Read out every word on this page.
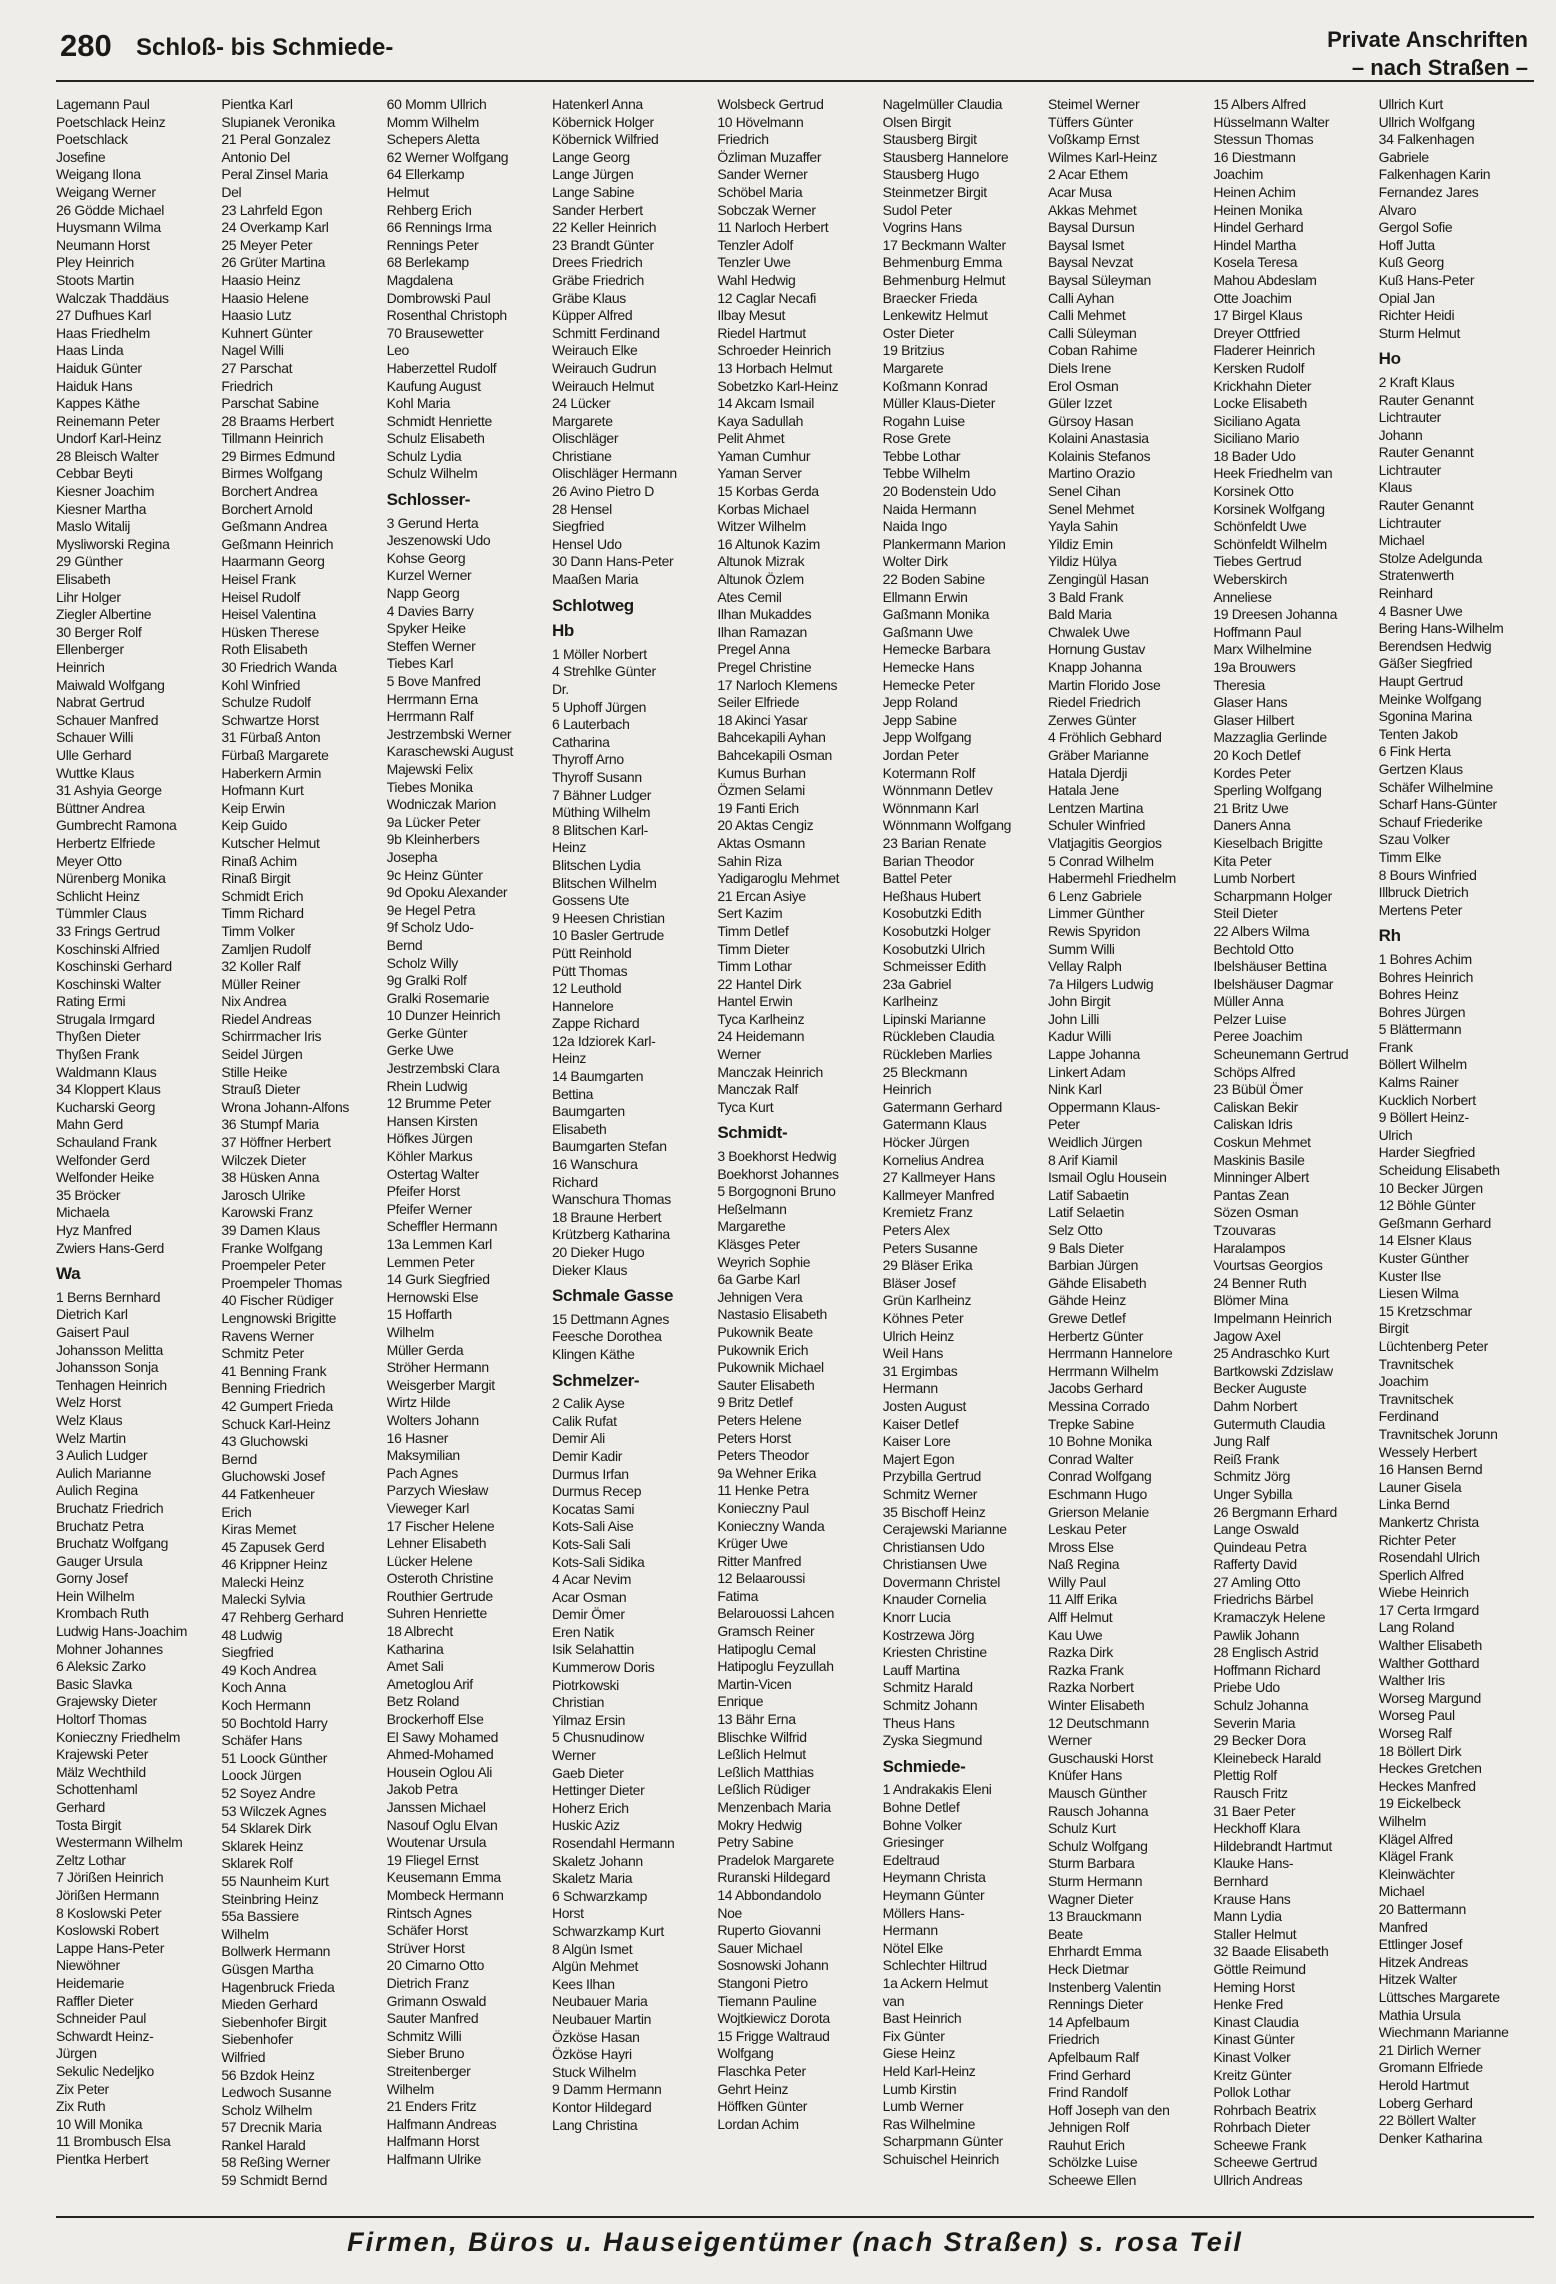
280 Schloß- bis Schmiede-	Private Anschriften
– nach Straßen –
Lagemann Paul
Poetschlack Heinz
Poetschlack
Josefine
Weigang Ilona
Weigang Werner
26 Gödde Michael
Huysmann Wilma
Neumann Horst
Pley Heinrich
Stoots Martin
Walczak Thaddäus
27 Dufhues Karl
Haas Friedhelm
Haas Linda
Haiduk Günter
Haiduk Hans
Kappes Käthe
Reinemann Peter
Undorf Karl-Heinz
28 Bleisch Walter
Cebbar Beyti
Kiesner Joachim
Kiesner Martha
Maslo Witalij
Mysliworski Regina
29 Günther
Elisabeth
Lihr Holger
Ziegler Albertine
30 Berger Rolf
Ellenberger
Heinrich
Maiwald Wolfgang
Nabrat Gertrud
Schauer Manfred
Schauer Willi
Ulle Gerhard
Wuttke Klaus
31 Ashyia George
Büttner Andrea
Gumbrecht Ramona
Herbertz Elfriede
Meyer Otto
Nürenberg Monika
Schlicht Heinz
Tümmler Claus
33 Frings Gertrud
Koschinski Alfried
Koschinski Gerhard
Koschinski Walter
Rating Ermi
Strugala Irmgard
Thyßen Dieter
Thyßen Frank
Waldmann Klaus
34 Kloppert Klaus
Kucharski Georg
Mahn Gerd
Schauland Frank
Welfonder Gerd
Welfonder Heike
35 Bröcker
Michaela
Hyz Manfred
Zwiers Hans-Gerd
Wa
1 Berns Bernhard
Dietrich Karl
Gaisert Paul
Johansson Melitta
Johansson Sonja
Tenhagen Heinrich
Welz Horst
Welz Klaus
Welz Martin
3 Aulich Ludger
Aulich Marianne
Aulich Regina
Bruchatz Friedrich
Bruchatz Petra
Bruchatz Wolfgang
Gauger Ursula
Gorny Josef
Hein Wilhelm
Krombach Ruth
Ludwig Hans-Joachim
Mohner Johannes
6 Aleksic Zarko
Basic Slavka
Grajewsky Dieter
Holtorf Thomas
Konieczny Friedhelm
Krajewski Peter
Mälz Wechthild
Schottenhaml
Gerhard
Tosta Birgit
Westermann Wilhelm
Zeltz Lothar
7 Jörißen Heinrich
Jörißen Hermann
8 Koslowski Peter
Koslowski Robert
Lappe Hans-Peter
Niewöhner
Heidemarie
Raffler Dieter
Schneider Paul
Schwardt Heinz-
Jürgen
Sekulic Nedeljko
Zix Peter
Zix Ruth
10 Will Monika
11 Brombusch Elsa
Pientka Herbert
Pientka Karl
Slupianek Veronika
21 Peral Gonzalez
Antonio Del
Peral Zinsel Maria
Del
23 Lahrfeld Egon
24 Overkamp Karl
25 Meyer Peter
26 Grüter Martina
Haasio Heinz
Haasio Helene
Haasio Lutz
Kuhnert Günter
Nagel Willi
27 Parschat
Friedrich
Parschat Sabine
28 Braams Herbert
Tillmann Heinrich
29 Birmes Edmund
Birmes Wolfgang
Borchert Andrea
Borchert Arnold
Geßmann Andrea
Geßmann Heinrich
Haarmann Georg
Heisel Frank
Heisel Rudolf
Heisel Valentina
Hüsken Therese
Roth Elisabeth
30 Friedrich Wanda
Kohl Winfried
Schulze Rudolf
Schwartze Horst
31 Fürbaß Anton
Fürbaß Margarete
Haberkern Armin
Hofmann Kurt
Keip Erwin
Keip Guido
Kutscher Helmut
Rinaß Achim
Rinaß Birgit
Schmidt Erich
Timm Richard
Timm Volker
Zamljen Rudolf
32 Koller Ralf
Müller Reiner
Nix Andrea
Riedel Andreas
Schirrmacher Iris
Seidel Jürgen
Stille Heike
Strauß Dieter
Wrona Johann-Alfons
36 Stumpf Maria
37 Höffner Herbert
Wilczek Dieter
38 Hüsken Anna
Jarosch Ulrike
Karowski Franz
39 Damen Klaus
Franke Wolfgang
Proempeler Peter
Proempeler Thomas
40 Fischer Rüdiger
Lengnowski Brigitte
Ravens Werner
Schmitz Peter
41 Benning Frank
Benning Friedrich
42 Gumpert Frieda
Schuck Karl-Heinz
43 Gluchowski
Bernd
Gluchowski Josef
44 Fatkenheuer
Erich
Kiras Memet
45 Zapusek Gerd
46 Krippner Heinz
Malecki Heinz
Malecki Sylvia
47 Rehberg Gerhard
48 Ludwig
Siegfried
49 Koch Andrea
Koch Anna
Koch Hermann
50 Bochtold Harry
Schäfer Hans
51 Loock Günther
Loock Jürgen
52 Soyez Andre
53 Wilczek Agnes
54 Sklarek Dirk
Sklarek Heinz
Sklarek Rolf
55 Naunheim Kurt
Steinbring Heinz
55a Bassiere
Wilhelm
Bollwerk Hermann
Güsgen Martha
Hagenbruck Frieda
Mieden Gerhard
Siebenhofer Birgit
Siebenhofer
Wilfried
56 Bzdok Heinz
Ledwoch Susanne
Scholz Wilhelm
57 Drecnik Maria
Rankel Harald
58 Reßing Werner
59 Schmidt Bernd
60 Momm Ullrich
Momm Wilhelm
Schepers Aletta
62 Werner Wolfgang
64 Ellerkamp
Helmut
Rehberg Erich
66 Rennings Irma
Rennings Peter
68 Berlekamp
Magdalena
Dombrowski Paul
Rosenthal Christoph
70 Brausewetter
Leo
Haberzettel Rudolf
Kaufung August
Kohl Maria
Schmidt Henriette
Schulz Elisabeth
Schulz Lydia
Schulz Wilhelm
Schlosser-
3 Gerund Herta
Jeszenowski Udo
Kohse Georg
Kurzel Werner
Napp Georg
4 Davies Barry
Spyker Heike
Steffen Werner
Tiebes Karl
5 Bove Manfred
Herrmann Erna
Herrmann Ralf
Jestrzembski Werner
Karaschewski August
Majewski Felix
Tiebes Monika
Wodniczak Marion
9a Lücker Peter
9b Kleinherbers
Josepha
9c Heinz Günter
9d Opoku Alexander
9e Hegel Petra
9f Scholz Udo-
Bernd
Scholz Willy
9g Gralki Rolf
Gralki Rosemarie
10 Dunzer Heinrich
Gerke Günter
Gerke Uwe
Jestrzembski Clara
Rhein Ludwig
12 Brumme Peter
Hansen Kirsten
Höfkes Jürgen
Köhler Markus
Ostertag Walter
Pfeifer Horst
Pfeifer Werner
Scheffler Hermann
13a Lemmen Karl
Lemmen Peter
14 Gurk Siegfried
Hernowski Else
15 Hoffarth
Wilhelm
Müller Gerda
Ströher Hermann
Weisgerber Margit
Wirtz Hilde
Wolters Johann
16 Hasner
Maksymilian
Pach Agnes
Parzych Wiesław
Vieweger Karl
17 Fischer Helene
Lehner Elisabeth
Lücker Helene
Osteroth Christine
Routhier Gertrude
Suhren Henriette
18 Albrecht
Katharina
Amet Sali
Ametoglou Arif
Betz Roland
Brockerhoff Else
El Sawy Mohamed
Ahmed-Mohamed
Housein Oglou Ali
Jakob Petra
Janssen Michael
Nasouf Oglu Elvan
Woutenar Ursula
19 Fliegel Ernst
Keusemann Emma
Mombeck Hermann
Rintsch Agnes
Schäfer Horst
Strüver Horst
20 Cimarno Otto
Dietrich Franz
Grimann Oswald
Sauter Manfred
Schmitz Willi
Sieber Bruno
Streitenberger
Wilhelm
21 Enders Fritz
Halfmann Andreas
Halfmann Horst
Halfmann Ulrike
Hatenkerl Anna
Köbernick Holger
Köbernick Wilfried
Lange Georg
Lange Jürgen
Lange Sabine
Sander Herbert
22 Keller Heinrich
23 Brandt Günter
Drees Friedrich
Gräbe Friedrich
Gräbe Klaus
Küpper Alfred
Schmitt Ferdinand
Weirauch Elke
Weirauch Gudrun
Weirauch Helmut
24 Lücker
Margarete
Olischläger
Christiane
Olischläger Hermann
26 Avino Pietro D
28 Hensel
Siegfried
Hensel Udo
30 Dann Hans-Peter
Maaßen Maria
Schlotweg
Hb
1 Möller Norbert
4 Strehlke Günter
Dr.
5 Uphoff Jürgen
6 Lauterbach
Catharina
Thyroff Arno
Thyroff Susann
7 Bähner Ludger
Müthing Wilhelm
8 Blitschen Karl-
Heinz
Blitschen Lydia
Blitschen Wilhelm
Gossens Ute
9 Heesen Christian
10 Basler Gertrude
Pütt Reinhold
Pütt Thomas
12 Leuthold
Hannelore
Zappe Richard
12a Idziorek Karl-
Heinz
14 Baumgarten
Bettina
Baumgarten
Elisabeth
Baumgarten Stefan
16 Wanschura
Richard
Wanschura Thomas
18 Braune Herbert
Krützberg Katharina
20 Dieker Hugo
Dieker Klaus
Schmale Gasse
15 Dettmann Agnes
Feesche Dorothea
Klingen Käthe
Schmelzer-
2 Calik Ayse
Calik Rufat
Demir Ali
Demir Kadir
Durmus Irfan
Durmus Recep
Kocatas Sami
Kots-Sali Aise
Kots-Sali Sali
Kots-Sali Sidika
4 Acar Nevim
Acar Osman
Demir Ömer
Eren Natik
Isik Selahattin
Kummerow Doris
Piotrkowski
Christian
Yilmaz Ersin
5 Chusnudinow
Werner
Gaeb Dieter
Hettinger Dieter
Hoherz Erich
Huskic Aziz
Rosendahl Hermann
Skaletz Johann
Skaletz Maria
6 Schwarzkamp
Horst
Schwarzkamp Kurt
8 Algün Ismet
Algün Mehmet
Kees Ilhan
Neubauer Maria
Neubauer Martin
Özköse Hasan
Özköse Hayri
Stuck Wilhelm
9 Damm Hermann
Kontor Hildegard
Lang Christina
Wolsbeck Gertrud
10 Hövelmann
Friedrich
Özliman Muzaffer
Sander Werner
Schöbel Maria
Sobczak Werner
11 Narloch Herbert
Tenzler Adolf
Tenzler Uwe
Wahl Hedwig
12 Caglar Necafi
Ilbay Mesut
Riedel Hartmut
Schroeder Heinrich
13 Horbach Helmut
Sobetzko Karl-Heinz
14 Akcam Ismail
Kaya Sadullah
Pelit Ahmet
Yaman Cumhur
Yaman Server
15 Korbas Gerda
Korbas Michael
Witzer Wilhelm
16 Altunok Kazim
Altunok Mizrak
Altunok Özlem
Ates Cemil
Ilhan Mukaddes
Ilhan Ramazan
Pregel Anna
Pregel Christine
17 Narloch Klemens
Seiler Elfriede
18 Akinci Yasar
Bahcekapili Ayhan
Bahcekapili Osman
Kumus Burhan
Özmen Selami
19 Fanti Erich
20 Aktas Cengiz
Aktas Osmann
Sahin Riza
Yadigaroglu Mehmet
21 Ercan Asiye
Sert Kazim
Timm Detlef
Timm Dieter
Timm Lothar
22 Hantel Dirk
Hantel Erwin
Tyca Karlheinz
24 Heidemann
Werner
Manczak Heinrich
Manczak Ralf
Tyca Kurt
Schmidt-
3 Boekhorst Hedwig
Boekhorst Johannes
5 Borgognoni Bruno
Heßelmann
Margarethe
Kläsges Peter
Weyrich Sophie
6a Garbe Karl
Jehnigen Vera
Nastasio Elisabeth
Pukownik Beate
Pukownik Erich
Pukownik Michael
Sauter Elisabeth
9 Britz Detlef
Peters Helene
Peters Horst
Peters Theodor
9a Wehner Erika
11 Henke Petra
Konieczny Paul
Konieczny Wanda
Krüger Uwe
Ritter Manfred
12 Belaaroussi
Fatima
Belarouossi Lahcen
Gramsch Reiner
Hatipoglu Cemal
Hatipoglu Feyzullah
Martin-Vicen
Enrique
13 Bähr Erna
Blischke Wilfrid
Leßlich Helmut
Leßlich Matthias
Leßlich Rüdiger
Menzenbach Maria
Mokry Hedwig
Petry Sabine
Pradelok Margarete
Ruranski Hildegard
14 Abbondandolo
Noe
Ruperto Giovanni
Sauer Michael
Sosnowski Johann
Stangoni Pietro
Tiemann Pauline
Wojtkiewicz Dorota
15 Frigge Waltraud
Wolfgang
Flaschka Peter
Gehrt Heinz
Höffken Günter
Lordan Achim
Nagelmüller Claudia
Olsen Birgit
Stausberg Birgit
Stausberg Hannelore
Stausberg Hugo
Steinmetzer Birgit
Sudol Peter
Vogrins Hans
17 Beckmann Walter
Behmenburg Emma
Behmenburg Helmut
Braecker Frieda
Lenkewitz Helmut
Oster Dieter
19 Britzius
Margarete
Koßmann Konrad
Müller Klaus-Dieter
Rogahn Luise
Rose Grete
Tebbe Lothar
Tebbe Wilhelm
20 Bodenstein Udo
Naida Hermann
Naida Ingo
Plankermann Marion
Wolter Dirk
22 Boden Sabine
Ellmann Erwin
Gaßmann Monika
Gaßmann Uwe
Hemecke Barbara
Hemecke Hans
Hemecke Peter
Jepp Roland
Jepp Sabine
Jepp Wolfgang
Jordan Peter
Kotermann Rolf
Wönnmann Detlev
Wönnmann Karl
Wönnmann Wolfgang
23 Barian Renate
Barian Theodor
Battel Peter
Heßhaus Hubert
Kosobutzki Edith
Kosobutzki Holger
Kosobutzki Ulrich
Schmeisser Edith
23a Gabriel
Karlheinz
Lipinski Marianne
Rückleben Claudia
Rückleben Marlies
25 Bleckmann
Heinrich
Gatermann Gerhard
Gatermann Klaus
Höcker Jürgen
Kornelius Andrea
27 Kallmeyer Hans
Kallmeyer Manfred
Kremietz Franz
Peters Alex
Peters Susanne
29 Bläser Erika
Bläser Josef
Grün Karlheinz
Köhnes Peter
Ulrich Heinz
Weil Hans
31 Ergimbas
Hermann
Josten August
Kaiser Detlef
Kaiser Lore
Majert Egon
Przybilla Gertrud
Schmitz Werner
35 Bischoff Heinz
Cerajewski Marianne
Christiansen Udo
Christiansen Uwe
Dovermann Christel
Knauder Cornelia
Knorr Lucia
Kostrzewa Jörg
Kriesten Christine
Lauff Martina
Schmitz Harald
Schmitz Johann
Theus Hans
Zyska Siegmund
Schmiede-
1 Andrakakis Eleni
Bohne Detlef
Bohne Volker
Griesinger
Edeltraud
Heymann Christa
Heymann Günter
Möllers Hans-
Hermann
Nötel Elke
Schlechter Hiltrud
1a Ackern Helmut
van
Bast Heinrich
Fix Günter
Giese Heinz
Held Karl-Heinz
Lumb Kirstin
Lumb Werner
Ras Wilhelmine
Scharpmann Günter
Schuischel Heinrich
Steimel Werner
Tüffers Günter
Voßkamp Ernst
Wilmes Karl-Heinz
2 Acar Ethem
Acar Musa
Akkas Mehmet
Baysal Dursun
Baysal Ismet
Baysal Nevzat
Baysal Süleyman
Calli Ayhan
Calli Mehmet
Calli Süleyman
Coban Rahime
Diels Irene
Erol Osman
Güler Izzet
Gürsoy Hasan
Kolaini Anastasia
Kolainis Stefanos
Martino Orazio
Senel Cihan
Senel Mehmet
Yayla Sahin
Yildiz Emin
Yildiz Hülya
Zengingül Hasan
3 Bald Frank
Bald Maria
Chwalek Uwe
Hornung Gustav
Knapp Johanna
Martin Florido Jose
Riedel Friedrich
Zerwes Günter
4 Fröhlich Gebhard
Gräber Marianne
Hatala Djerdji
Hatala Jene
Lentzen Martina
Schuler Winfried
Vlatjagitis Georgios
5 Conrad Wilhelm
Habermehl Friedhelm
6 Lenz Gabriele
Limmer Günther
Rewis Spyridon
Summ Willi
Vellay Ralph
7a Hilgers Ludwig
John Birgit
John Lilli
Kadur Willi
Lappe Johanna
Linkert Adam
Nink Karl
Oppermann Klaus-
Peter
Weidlich Jürgen
8 Arif Kiamil
Ismail Oglu Housein
Latif Sabaetin
Latif Selaetin
Selz Otto
9 Bals Dieter
Barbian Jürgen
Gähde Elisabeth
Gähde Heinz
Grewe Detlef
Herbertz Günter
Herrmann Hannelore
Herrmann Wilhelm
Jacobs Gerhard
Messina Corrado
Trepke Sabine
10 Bohne Monika
Conrad Walter
Conrad Wolfgang
Eschmann Hugo
Grierson Melanie
Leskau Peter
Mross Else
Naß Regina
Willy Paul
11 Alff Erika
Alff Helmut
Kau Uwe
Razka Dirk
Razka Frank
Razka Norbert
Winter Elisabeth
12 Deutschmann
Werner
Guschauski Horst
Knüfer Hans
Mausch Günther
Rausch Johanna
Schulz Kurt
Schulz Wolfgang
Sturm Barbara
Sturm Hermann
Wagner Dieter
13 Brauckmann
Beate
Ehrhardt Emma
Heck Dietmar
Instenberg Valentin
Rennings Dieter
14 Apfelbaum
Friedrich
Apfelbaum Ralf
Frind Gerhard
Frind Randolf
Hoff Joseph van den
Jehnigen Rolf
Rauhut Erich
Schölzke Luise
Scheewe Ellen
15 Albers Alfred
Hüsselmann Walter
Stessun Thomas
16 Diestmann
Joachim
Heinen Achim
Heinen Monika
Hindel Gerhard
Hindel Martha
Kosela Teresa
Mahou Abdeslam
Otte Joachim
17 Birgel Klaus
Dreyer Ottfried
Fladerer Heinrich
Kersken Rudolf
Krickhahn Dieter
Locke Elisabeth
Siciliano Agata
Siciliano Mario
18 Bader Udo
Heek Friedhelm van
Korsinek Otto
Korsinek Wolfgang
Schönfeldt Uwe
Schönfeldt Wilhelm
Tiebes Gertrud
Weberskirch
Anneliese
19 Dreesen Johanna
Hoffmann Paul
Marx Wilhelmine
19a Brouwers
Theresia
Glaser Hans
Glaser Hilbert
Mazzaglia Gerlinde
20 Koch Detlef
Kordes Peter
Sperling Wolfgang
21 Britz Uwe
Daners Anna
Kieselbach Brigitte
Kita Peter
Lumb Norbert
Scharpmann Holger
Steil Dieter
22 Albers Wilma
Bechtold Otto
Ibelshäuser Bettina
Ibelshäuser Dagmar
Müller Anna
Pelzer Luise
Peree Joachim
Scheunemann Gertrud
Schöps Alfred
23 Bübül Ömer
Caliskan Bekir
Caliskan Idris
Coskun Mehmet
Maskinis Basile
Minninger Albert
Pantas Zean
Sözen Osman
Tzouvaras
Haralampos
Vourtsas Georgios
24 Benner Ruth
Blömer Mina
Impelmann Heinrich
Jagow Axel
25 Andraschko Kurt
Bartkowski Zdzislaw
Becker Auguste
Dahm Norbert
Gutermuth Claudia
Jung Ralf
Reiß Frank
Schmitz Jörg
Unger Sybilla
26 Bergmann Erhard
Lange Oswald
Quindeau Petra
Rafferty David
27 Amling Otto
Friedrichs Bärbel
Kramaczyk Helene
Pawlik Johann
28 Englisch Astrid
Hoffmann Richard
Priebe Udo
Schulz Johanna
Severin Maria
29 Becker Dora
Kleinebeck Harald
Plettig Rolf
Rausch Fritz
31 Baer Peter
Heckhoff Klara
Hildebrandt Hartmut
Klauke Hans-
Bernhard
Krause Hans
Mann Lydia
Staller Helmut
32 Baade Elisabeth
Göttle Reimund
Heming Horst
Henke Fred
Kinast Claudia
Kinast Günter
Kinast Volker
Kreitz Günter
Pollok Lothar
Rohrbach Beatrix
Rohrbach Dieter
Scheewe Frank
Scheewe Gertrud
Ullrich Andreas
Ullrich Kurt
Ullrich Wolfgang
34 Falkenhagen
Gabriele
Falkenhagen Karin
Fernandez Jares
Alvaro
Gergol Sofie
Hoff Jutta
Kuß Georg
Kuß Hans-Peter
Opial Jan
Richter Heidi
Sturm Helmut
Ho
2 Kraft Klaus
Rauter Genannt
Lichtrauter
Johann
Rauter Genannt
Lichtrauter
Klaus
Rauter Genannt
Lichtrauter
Michael
Stolze Adelgunda
Stratenwerth
Reinhard
4 Basner Uwe
Bering Hans-Wilhelm
Berendsen Hedwig
Gäßer Siegfried
Haupt Gertrud
Meinke Wolfgang
Sgonina Marina
Tenten Jakob
6 Fink Herta
Gertzen Klaus
Schäfer Wilhelmine
Scharf Hans-Günter
Schauf Friederike
Szau Volker
Timm Elke
8 Bours Winfried
Illbruck Dietrich
Mertens Peter
Rh
1 Bohres Achim
Bohres Heinrich
Bohres Heinz
Bohres Jürgen
5 Blättermann
Frank
Böllert Wilhelm
Kalms Rainer
Kucklich Norbert
9 Böllert Heinz-
Ulrich
Harder Siegfried
Scheidung Elisabeth
10 Becker Jürgen
12 Böhle Günter
Geßmann Gerhard
14 Elsner Klaus
Kuster Günther
Kuster Ilse
Liesen Wilma
15 Kretzschmar
Birgit
Lüchtenberg Peter
Travnitschek
Joachim
Travnitschek
Ferdinand
Travnitschek Jorunn
Wessely Herbert
16 Hansen Bernd
Launer Gisela
Linka Bernd
Mankertz Christa
Richter Peter
Rosendahl Ulrich
Sperlich Alfred
Wiebe Heinrich
17 Certa Irmgard
Lang Roland
Walther Elisabeth
Walther Gotthard
Walther Iris
Worseg Margund
Worseg Paul
Worseg Ralf
18 Böllert Dirk
Heckes Gretchen
Heckes Manfred
19 Eickelbeck
Wilhelm
Klägel Alfred
Klägel Frank
Kleinwächter
Michael
20 Battermann
Manfred
Ettlinger Josef
Hitzek Andreas
Hitzek Walter
Lüttsches Margarete
Mathia Ursula
Wiechmann Marianne
21 Dirlich Werner
Gromann Elfriede
Herold Hartmut
Loberg Gerhard
22 Böllert Walter
Denker Katharina
Firmen, Büros u. Hauseigentümer (nach Straßen) s. rosa Teil
